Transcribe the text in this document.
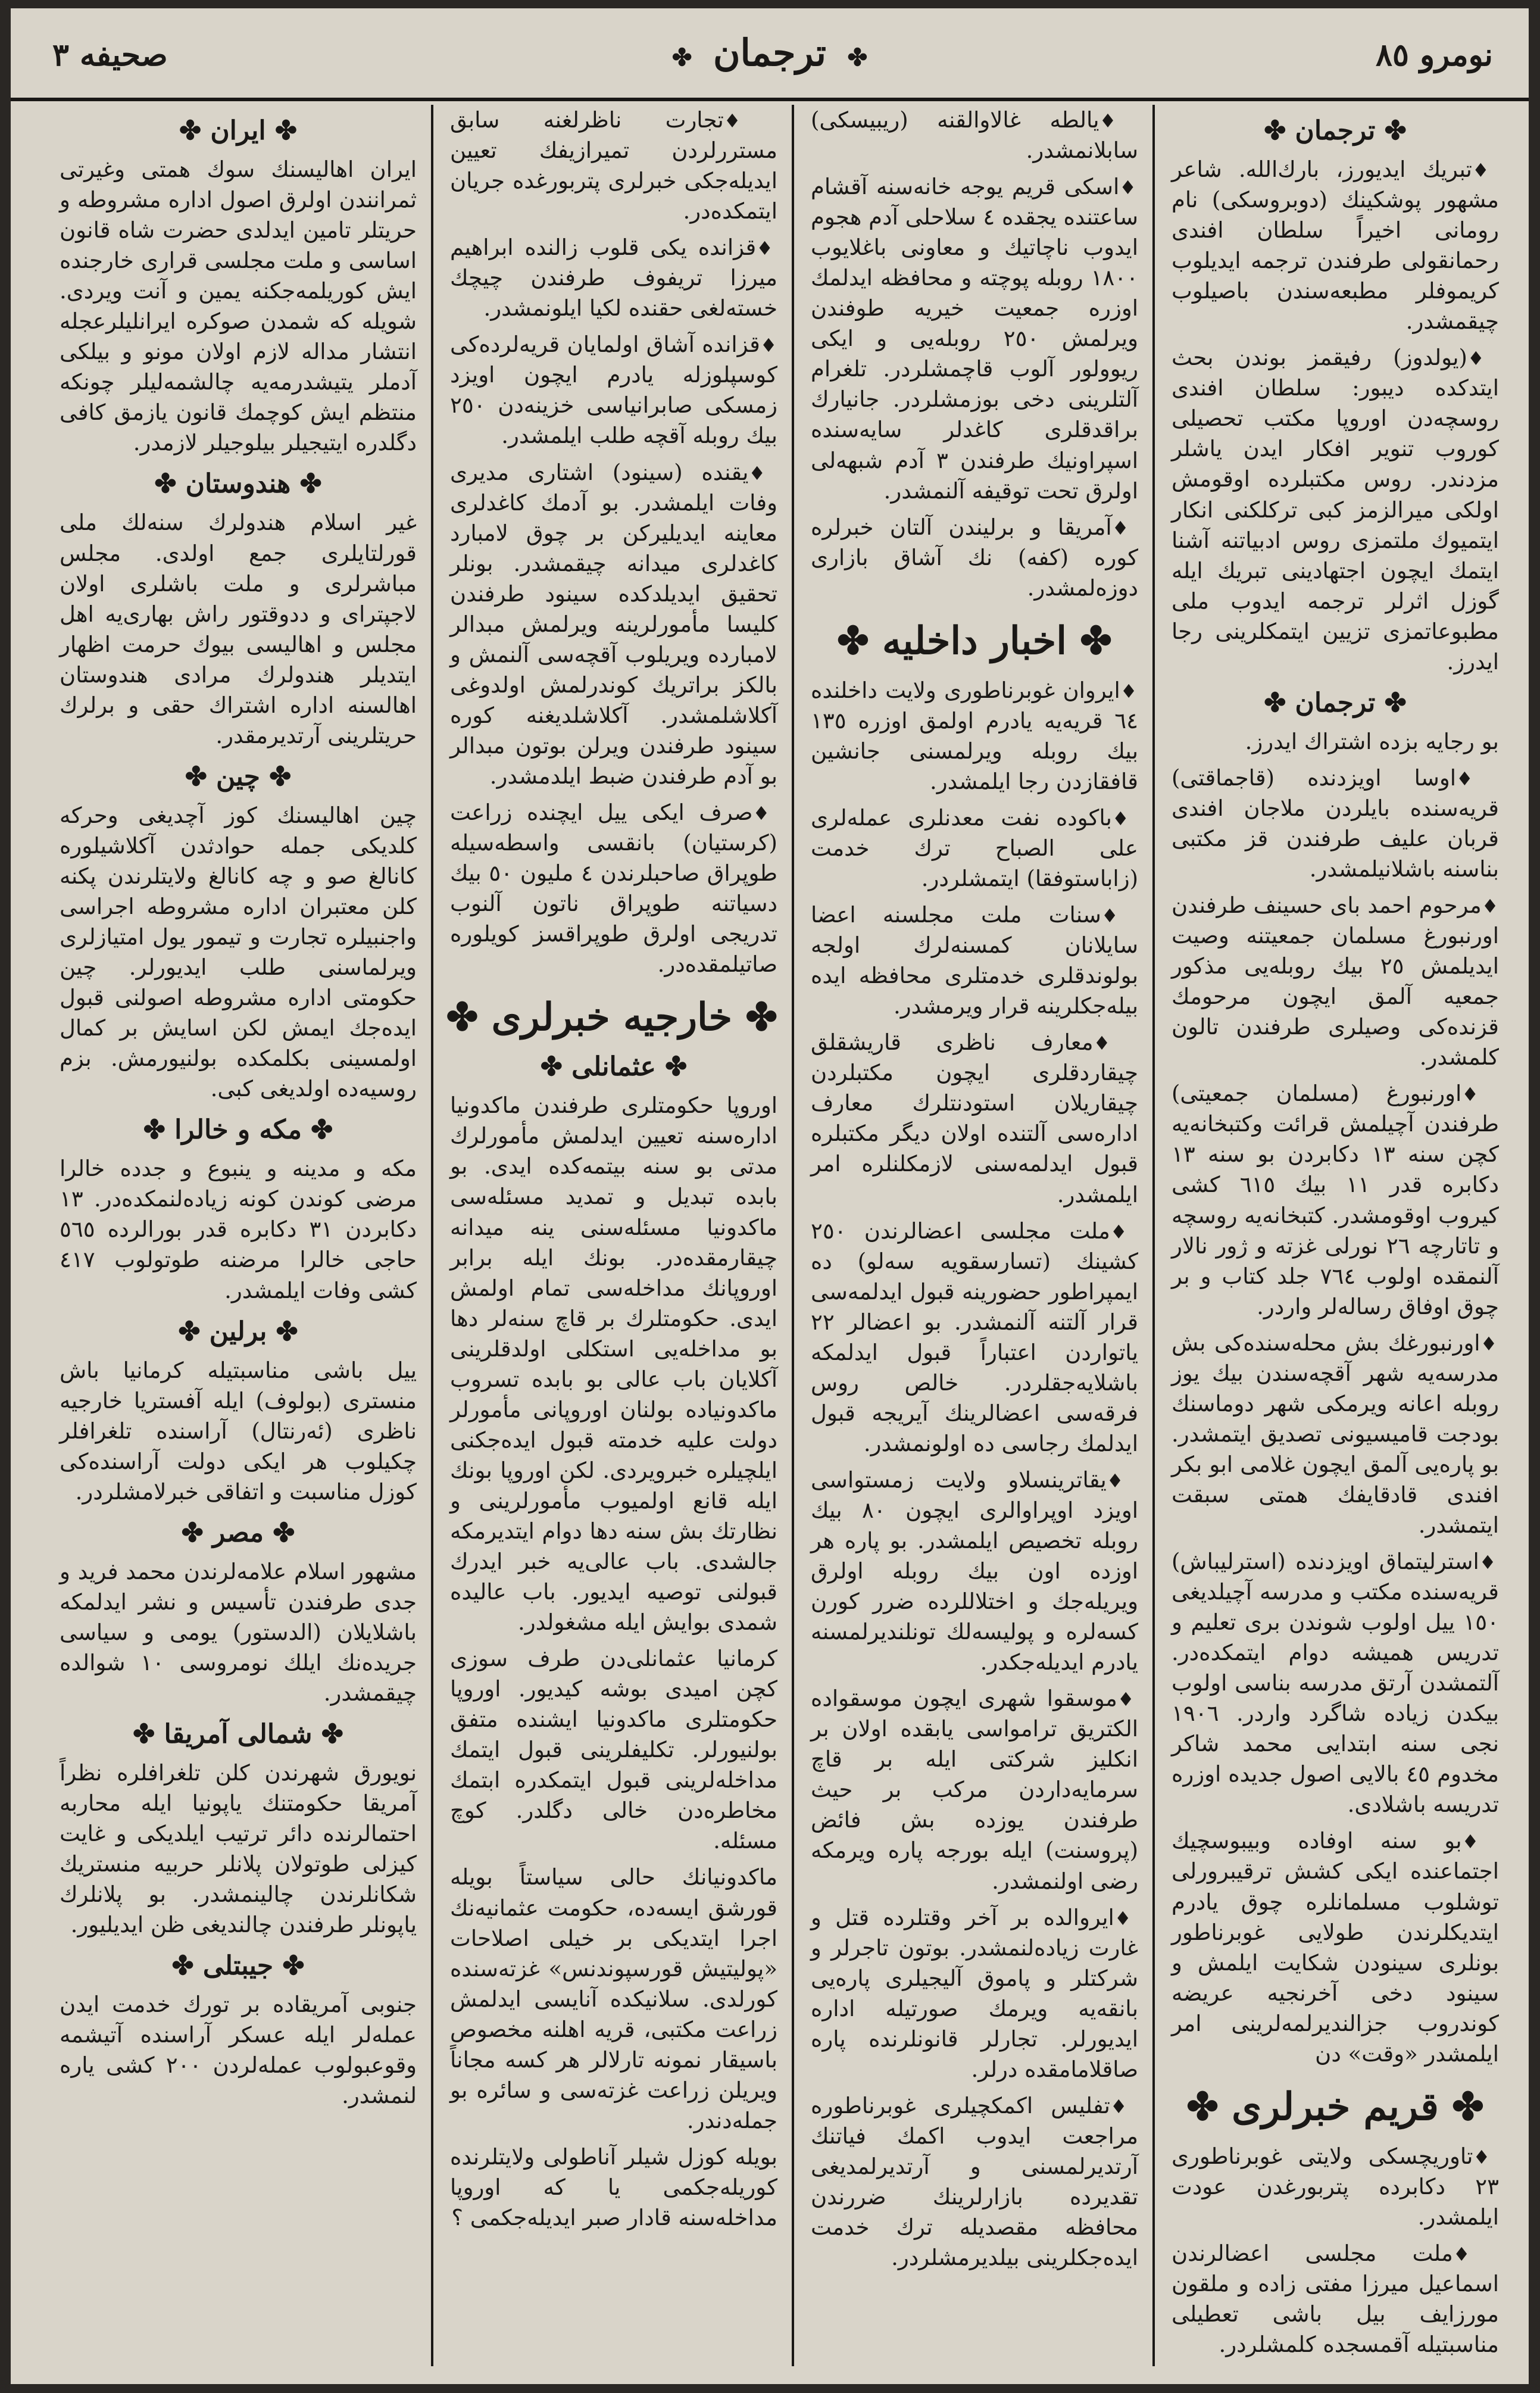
نومرو ٨٥
✤ ترجمان ✤
صحيفه ٣
✤ ترجمان ✤

♦ تبریك ايديورز، بارك‌الله. شاعر مشهور پوشكينك (دوبروسكى) نام رومانى اخيراً سلطان افندى رحمانقولى طرفندن ترجمه ايديلوب كريموفلر مطبعه‌سندن باصيلوب چيقمشدر.

♦ (يولدوز) رفيقمز بوندن بحث ايتدكده ديبور: سلطان افندى روسچه‌دن اوروپا مكتب تحصيلى كوروب تنوير افكار ايدن ياشلر مزدندر. روس مكتبلرده اوقومش اولكى ميرالزمز كبى تركلكنى انكار ايتميوك ملتمزى روس ادبياتنه آشنا ايتمك ايچون اجتهادينى تبريك ايله گوزل اثرلر ترجمه ايدوب ملى مطبوعاتمزى تزيين ايتمكلرينى رجا ايدرز.

✤ ترجمان ✤

بو رجايه بزده اشتراك ايدرز.

♦ اوسا اويزدنده (قاجماقتى) قريه‌سنده بايلردن ملاجان افندى قربان عليف طرفندن قز مكتبى بناسنه باشلانيلمشدر.

♦ مرحوم احمد باى حسينف طرفندن اورنبورغ مسلمان جمعيتنه وصيت ايديلمش ٢٥ بيك روبله‌يى مذكور جمعيه آلمق ايچون مرحومك قزنده‌كى وصيلرى طرفندن تالون كلمشدر.

♦ اورنبورغ (مسلمان جمعيتى) طرفندن آچيلمش قرائت وكتبخانه‌يه كچن سنه ١٣ دكابردن بو سنه ١٣ دكابره قدر ١١ بيك ٦١٥ كشى كيروب اوقومشدر. كتبخانه‌يه روسچه و تاتارچه ٢٦ نورلى غزته و ژور نالار آلنمقده اولوب ٧٦٤ جلد كتاب و بر چوق اوفاق رساله‌لر واردر.

♦ اورنبورغك بش محله‌سنده‌كى بش مدرسه‌يه شهر آقچه‌سندن بيك يوز روبله اعانه ويرمكى شهر دوماسنك بودجت قاميسيونى تصديق ايتمشدر. بو پاره‌يى آلمق ايچون غلامى ابو بكر افندى قادقايفك همتى سبقت ايتمشدر.

♦ استرليتماق اويزدنده (استرليباش) قريه‌سنده مكتب و مدرسه آچيلديغى ١٥٠ ييل اولوب شوندن برى تعليم و تدريس هميشه دوام ايتمكده‌در. آلتمشدن آرتق مدرسه بناسى اولوب بيكدن زياده شاگرد واردر. ١٩٠٦ نجى سنه ابتدايى محمد شاكر مخدوم ٤٥ بالايى اصول جديده اوزره تدريسه باشلادى.

♦ بو سنه اوفاده وبيبوسچيك اجتماعنده ايكى كشش ترقيبرورلى توشلوب مسلمانلره چوق يادرم ايتديكلرندن طولايى غوبرناطور بونلرى سينودن شكايت ايلمش و سينود دخى آخرنجيه عريضه كوندروب جزالنديرلمه‌لرينى امر ايلمشدر «وقت» دن

✤ قريم خبرلرى ✤

♦ تاوريچسكى ولايتى غوبرناطورى ٢٣ دكابرده پتربورغدن عودت ايلمشدر.

♦ ملت مجلسى اعضالرندن اسماعيل ميرزا مفتى زاده و ملقون مورزايف بيل باشى تعطيلى مناسبتيله آقمسجده كلمشلردر.

♦ يالطه غالاوالقنه (ريبيسكى) سابلانمشدر.

♦ اسكى قريم يوجه خانه‌سنه آقشام ساعتنده يجقده ٤ سلاحلى آدم هجوم ايدوب ناچاتيك و معاونى باغلايوب ١٨٠٠ روبله پوچته و محافظه ايدلمك اوزره جمعيت خيريه طوفندن ويرلمش ٢٥٠ روبله‌يى و ايكى ريوولور آلوب قاچمشلردر. تلغرام آلتلرينى دخى بوزمشلردر. جانيارك براقدقلرى كاغدلر سايه‌سنده اسپراونيك طرفندن ٣ آدم شبهه‌لى اولرق تحت توقيفه آلنمشدر.

♦ آمريقا و برليندن آلتان خبرلره كوره (كفه) نك آشاق بازارى دوزه‌لمشدر.

✤ اخبار داخليه ✤

♦ ايروان غوبرناطورى ولايت داخلنده ٦٤ قريه‌يه يادرم اولمق اوزره ١٣٥ بيك روبله ويرلمسنى جانشين قافقازدن رجا ايلمشدر.

♦ باكوده نفت معدنلرى عمله‌لرى على الصباح ترك خدمت (زاباستوفقا) ايتمشلردر.

♦ سنات ملت مجلسنه اعضا سايلانان كمسنه‌لرك اولجه بولوندقلرى خدمتلرى محافظه ايده بيله‌جكلرينه قرار ويرمشدر.

♦ معارف ناظرى قاريشقلق چيقاردقلرى ايچون مكتبلردن چيقاريلان استودنتلرك معارف اداره‌سى آلتنده اولان ديگر مكتبلره قبول ايدلمه‌سنى لازمكلنلره امر ايلمشدر.

♦ ملت مجلسى اعضالرندن ٢٥٠ كشينك (تسارسقويه سه‌لو) ده ايمپراطور حضورينه قبول ايدلمه‌سى قرار آلتنه آلنمشدر. بو اعضالر ٢٢ ياتواردن اعتباراً قبول ايدلمكه باشلايه‌جقلردر. خالص روس فرقه‌سى اعضالرينك آيريجه قبول ايدلمك رجاسى ده اولونمشدر.

♦ يقاترينسلاو ولايت زمستواسى اويزد اوپراوالرى ايچون ٨٠ بيك روبله تخصيص ايلمشدر. بو پاره هر اوزده اون بيك روبله اولرق ويريله‌جك و اختلاللرده ضرر كورن كسه‌لره و پوليسه‌لك تونلنديرلمسنه يادرم ايديله‌جكدر.

♦ موسقوا شهرى ايچون موسقواده الكتريق ترامواسى يابقده اولان بر انكليز شركتى ايله بر قاچ سرمايه‌داردن مركب بر حيث طرفندن يوزده بش فائض (پروسنت) ايله بورجه پاره ويرمكه رضى اولنمشدر.

♦ ايروالده بر آخر وقتلرده قتل و غارت زياده‌لنمشدر. بوتون تاجرلر و شركتلر و پاموق آليجيلرى پاره‌يى بانقه‌يه ويرمك صورتيله اداره ايديورلر. تجارلر قانونلرنده پاره صاقلامامقده درلر.

♦ تفليس اكمكچيلرى غوبرناطوره مراجعت ايدوب اكمك فياتنك آرتديرلمسنى و آرتديرلمديغى تقديرده بازارلرينك ضررندن محافظه مقصديله ترك خدمت ايده‌جكلرينى بيلديرمشلردر.

♦ تجارت ناظرلغنه سابق مستررلردن تميرازيفك تعيين ايديله‌جكى خبرلرى پتربورغده جريان ايتمكده‌در.

♦ قزانده يكى قلوب زالنده ابراهيم ميرزا تريفوف طرفندن چيچك خسته‌لغى حقنده لكيا ايلونمشدر.

♦ قزانده آشاق اولمايان قريه‌لرده‌كى كوسپلوزله يادرم ايچون اويزد زمسكى صابرانياسى خزينه‌دن ٢٥٠ بيك روبله آقچه طلب ايلمشدر.

♦ يقنده (سينود) اشتارى مديرى وفات ايلمشدر. بو آدمك كاغدلرى معاينه ايديليركن بر چوق لامبارد كاغدلرى ميدانه چيقمشدر. بونلر تحقيق ايديلدكده سينود طرفندن كليسا مأمورلرينه ويرلمش مبدالر لامبارده ويريلوب آقچه‌سى آلنمش و بالكز براتريك كوندرلمش اولدوغى آكلاشلمشدر. آكلاشلديغنه كوره سينود طرفندن ويرلن بوتون مبدالر بو آدم طرفندن ضبط ايلدمشدر.

♦ صرف ايكى ييل ايچنده زراعت (كرستيان) بانقسى واسطه‌سيله طوپراق صاحبلرندن ٤ مليون ٥٠ بيك دسياتنه طوپراق ناتون آلنوب تدريجى اولرق طوپراقسز كويلوره صاتيلمقده‌در.

✤ خارجيه خبرلرى ✤
✤ عثمانلى ✤

اوروپا حكومتلرى طرفندن ماكدونيا اداره‌سنه تعيين ايدلمش مأمورلرك مدتى بو سنه بيتمه‌كده ايدى. بو بابده تبديل و تمديد مسئله‌سى ماكدونيا مسئله‌سنى ينه ميدانه چيقارمقده‌در. بونك ايله برابر اوروپانك مداخله‌سى تمام اولمش ايدى. حكومتلرك بر قاچ سنه‌لر دها بو مداخله‌يى استكلى اولدقلرينى آكلايان باب عالى بو بابده تسروب ماكدونياده بولنان اوروپانى مأمورلر دولت عليه خدمته قبول ايده‌جكنى ايلچيلره خبرويردى. لكن اوروپا بونك ايله قانع اولميوب مأمورلرينى و نظارتك بش سنه دها دوام ايتديرمكه جالشدى. باب عالى‌يه خبر ايدرك قبولنى توصيه ايديور. باب عاليده شمدى بوايش ايله مشغولدر.

كرمانيا عثمانلى‌دن طرف سوزى كچن اميدى بوشه كيديور. اوروپا حكومتلرى ماكدونيا ايشنده متفق بولنيورلر. تكليفلرينى قبول ايتمك مداخله‌لرينى قبول ايتمكدره ابتمك مخاطره‌دن خالى دگلدر. كوچ مسئله.

ماكدونيانك حالى سياستاً بويله قورشق ايسه‌ده، حكومت عثمانيه‌نك اجرا ايتديكى بر خيلى اصلاحات «پوليتيش قورسپوندنس» غزته‌سنده كورلدى. سلانيكده آنايسى ايدلمش زراعت مكتبى، قريه اهلنه مخصوص باسيقار نمونه تارلالر هر كسه مجاناً ويريلن زراعت غزته‌سى و سائره بو جمله‌دندر.

بويله كوزل شيلر آناطولى ولايتلرنده كوريله‌جكمى يا كه اوروپا مداخله‌سنه قادار صبر ايديله‌جكمى ؟

✤ ايران ✤

ايران اهاليسنك سوك همتى وغيرتى ثمرانندن اولرق اصول اداره مشروطه و حريتلر تامين ايدلدى حضرت شاه قانون اساسى و ملت مجلسى قرارى خارجنده ايش كوريلمه‌جكنه يمين و آنت ويردى. شويله كه شمدن صوكره ايرانليلرعجله انتشار مداله لازم اولان مونو و بيلكى آدملر يتيشدرمه‌يه چالشمه‌ليلر چونكه منتظم ايش كوچمك قانون يازمق كافى دگلدره ايتيجيلر بيلوجيلر لازمدر.

✤ هندوستان ✤

غير اسلام هندولرك سنه‌لك ملى قورلتايلرى جمع اولدى. مجلس مباشرلرى و ملت باشلرى اولان لاجپتراى و ددوقتور راش بهارى‌يه اهل مجلس و اهاليسى بيوك حرمت اظهار ايتديلر هندولرك مرادى هندوستان اهالسنه اداره اشتراك حقى و برلرك حريتلرينى آرتديرمقدر.

✤ چين ✤

چين اهاليسنك كوز آچديغى وحركه كلديكى جمله حوادثدن آكلاشيلوره كانالغ صو و چه كانالغ ولايتلرندن پكنه كلن معتبران اداره مشروطه اجراسى واجنبيلره تجارت و تيمور يول امتيازلرى ويرلماسنى طلب ايديورلر. چين حكومتى اداره مشروطه اصولنى قبول ايده‌جك ايمش لكن اسايش بر كمال اولمسينى بكلمكده بولنيورمش. بزم روسيه‌ده اولديغى كبى.

✤ مكه و خالرا ✤

مكه و مدينه و ينبوع و جدده خالرا مرضى كوندن كونه زياده‌لنمكده‌در. ١٣ دكابردن ٣١ دكابره قدر بورالرده ٥٦٥ حاجى خالرا مرضنه طوتولوب ٤١٧ كشى وفات ايلمشدر.

✤ برلين ✤

ييل باشى مناسبتيله كرمانيا باش منسترى (بولوف) ايله آفستريا خارجيه ناظرى (ئه‌رنتال) آراسنده تلغرافلر چكيلوب هر ايكى دولت آراسنده‌كى كوزل مناسبت و اتفاقى خبرلامشلردر.

✤ مصر ✤

مشهور اسلام علامه‌لرندن محمد فريد و جدى طرفندن تأسيس و نشر ايدلمكه باشلايلان (الدستور) يومى و سياسى جريده‌نك ايلك نومروسى ١٠ شوالده چيقمشدر.

✤ شمالى آمريقا ✤

نويورق شهرندن كلن تلغرافلره نظراً آمريقا حكومتنك ياپونيا ايله محاربه احتمالرنده دائر ترتيب ايلديكى و غايت كيزلى طوتولان پلانلر حربيه منستريك شكانلرندن چالينمشدر. بو پلانلرك ياپونلر طرفندن چالنديغى ظن ايديليور.

✤ جيبتلى ✤

جنوبى آمريقاده بر تورك خدمت ايدن عمله‌لر ايله عسكر آراسنده آتيشمه وقوعبولوب عمله‌لردن ٢٠٠ كشى ياره لنمشدر.
